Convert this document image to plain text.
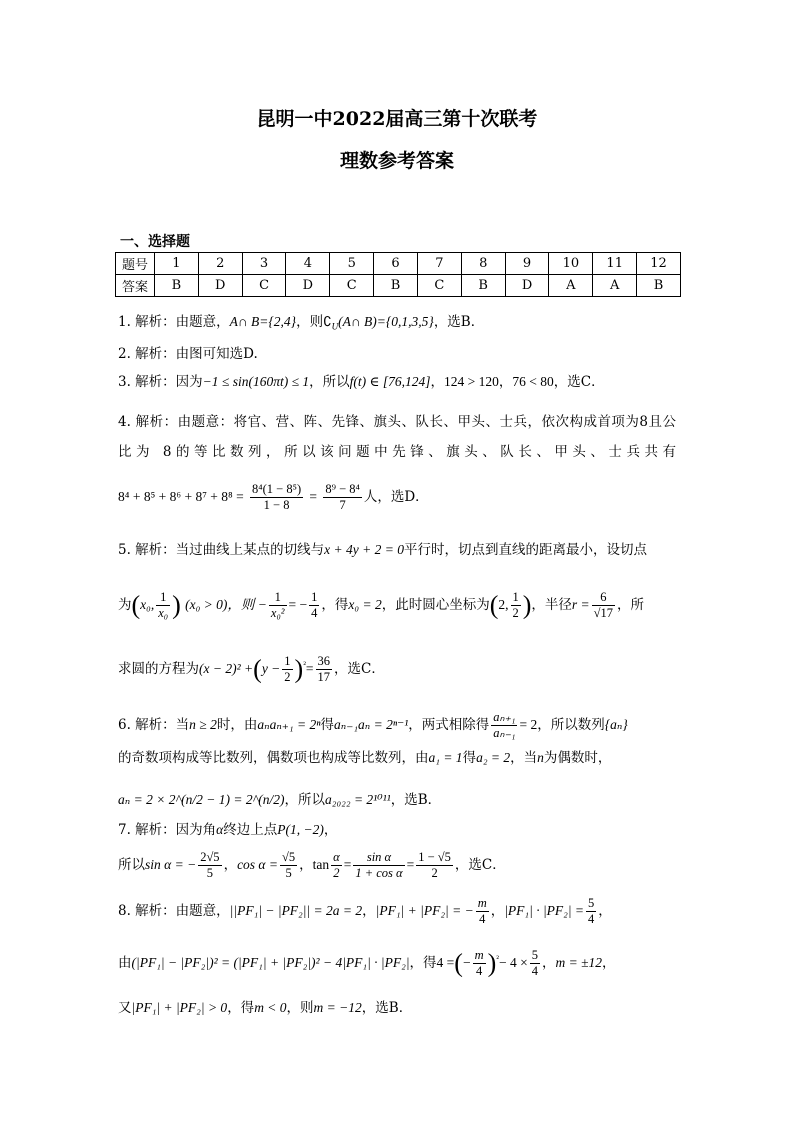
昆明一中2022届高三第十次联考
理数参考答案
一、选择题
题号	1	2	3	4	5	6	7	8	9	10	11	12
答案	B	D	C	D	C	B	C	B	D	A	A	B
1. 解析：由题意，A∩ B={2,4}，则$∁_U(A\cap$ B)={0,1,3,5}，选B．
2. 解析：由图可知选D.
3. 解析：因为−1 ≤ sin(160πt) ≤ 1，所以f(t) ∈ [76,124]，124 > 120，76 < 80，选C．
4. 解析：由题意：将官、营、阵、先锋、旗头、队长、甲头、士兵，依次构成首项为8且公
比为 8的等比数列，所以该问题中先锋、旗头、队长、甲头、士兵共有
$8^4 + 8^5 + 8^6 + 8^7 + 8^8 = \frac{\text{8⁴(1 − 8⁵)}}{1 - 8} = \frac{\text{8⁹ − 8⁴}}{7}$ 人，选D．
5. 解析：当过曲线上某点的切线与x + 4y + 2 = 0平行时，切点到直线的距离最小，设切点
为(x₀, $\frac{1}{\text{x₀}}$ ) (x₀ > 0)，则 − $\frac{1}{\text{x₀²}}$ = − $\frac{1}{4}$ ，得x₀ = 2，此时圆心坐标为(2, $\frac{1}{2}$ )，半径$r = \frac{6}{√17}$ ，所
求圆的方程为$(x - 2)^2 +(y - \frac{1}{2} )^{^2}= \frac{36}{17}$ ，选C．
6. 解析：当n ≥ 2时，由aₙaₙ₊₁ = 2ⁿ得aₙ₋₁aₙ = 2ⁿ⁻¹，两式相除得 $\frac{\text{aₙ₊₁}}{\text{aₙ₋₁}} = 2$，所以数列{aₙ}
的奇数项构成等比数列，偶数项也构成等比数列，由a₁ = 1得a₂ = 2，当n为偶数时，
aₙ = 2 × 2^(n/2 − 1) = 2^(n/2)，所以a₂₀₂₂ = 2¹⁰¹¹，选B．
7. 解析：因为角α终边上点P(1, −2)，
所以sin α = − $\frac{2√5}{5}$ ，$\cos \alpha = \frac{√5}{5}$ ，$\tan \frac{\alpha}{2} = \frac{\text{sin α}}{\text{1 + cos α}} = \frac{1 - √5}{2}$ ，选C．
8. 解析：由题意，||PF₁| − |PF₂|| = 2a = 2，|PF₁| + |PF₂| = − $\frac{m}{4}$ ，$|PF_1| \cdot |PF_2| = \frac{5}{4}$ ，
由(|PF₁| − |PF₂|)² = (|PF₁| + |PF₂|)² − 4|PF₁| · |PF₂|，得4 =(− $\frac{m}{4} )^{^2}- 4 \times \frac{5}{4}$ ，m = ±12，
又|PF₁| + |PF₂| > 0，得m < 0，则m = −12，选B．
